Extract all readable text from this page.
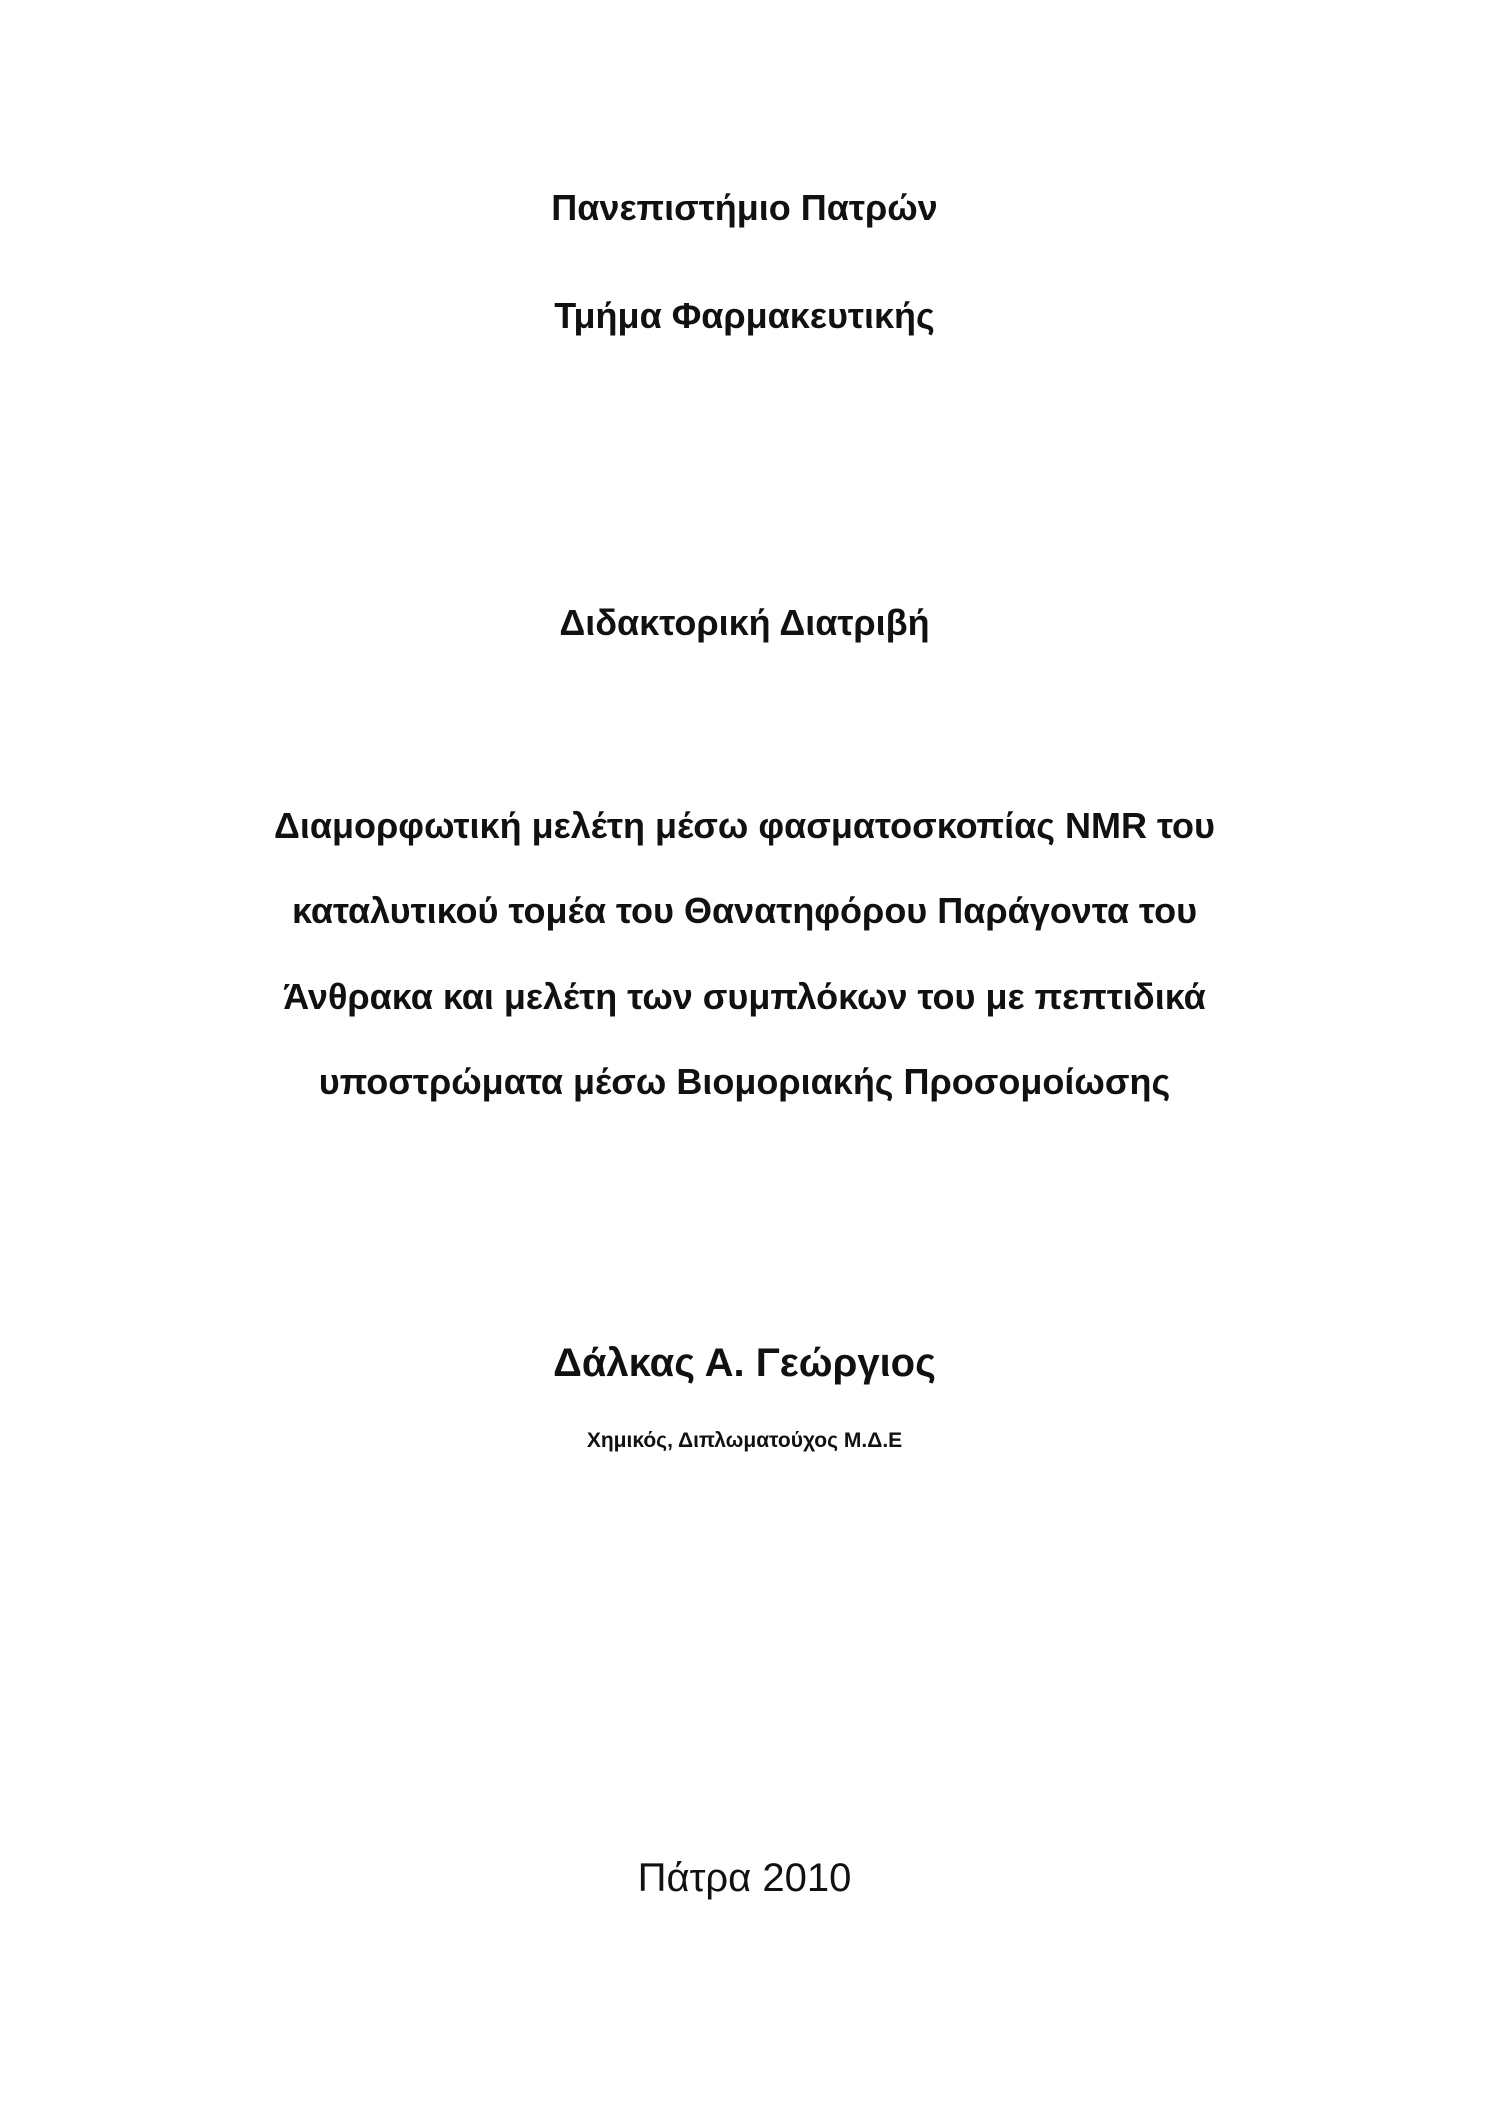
Πανεπιστήμιο Πατρών
Τμήμα Φαρμακευτικής
Διδακτορική Διατριβή
Διαμορφωτική μελέτη μέσω φασματοσκοπίας NMR του
καταλυτικού τομέα του Θανατηφόρου Παράγοντα του
Άνθρακα και μελέτη των συμπλόκων του με πεπτιδικά
υποστρώματα μέσω Βιομοριακής Προσομοίωσης
Δάλκας Α. Γεώργιος
Χημικός, Διπλωματούχος Μ.Δ.Ε
Πάτρα 2010
